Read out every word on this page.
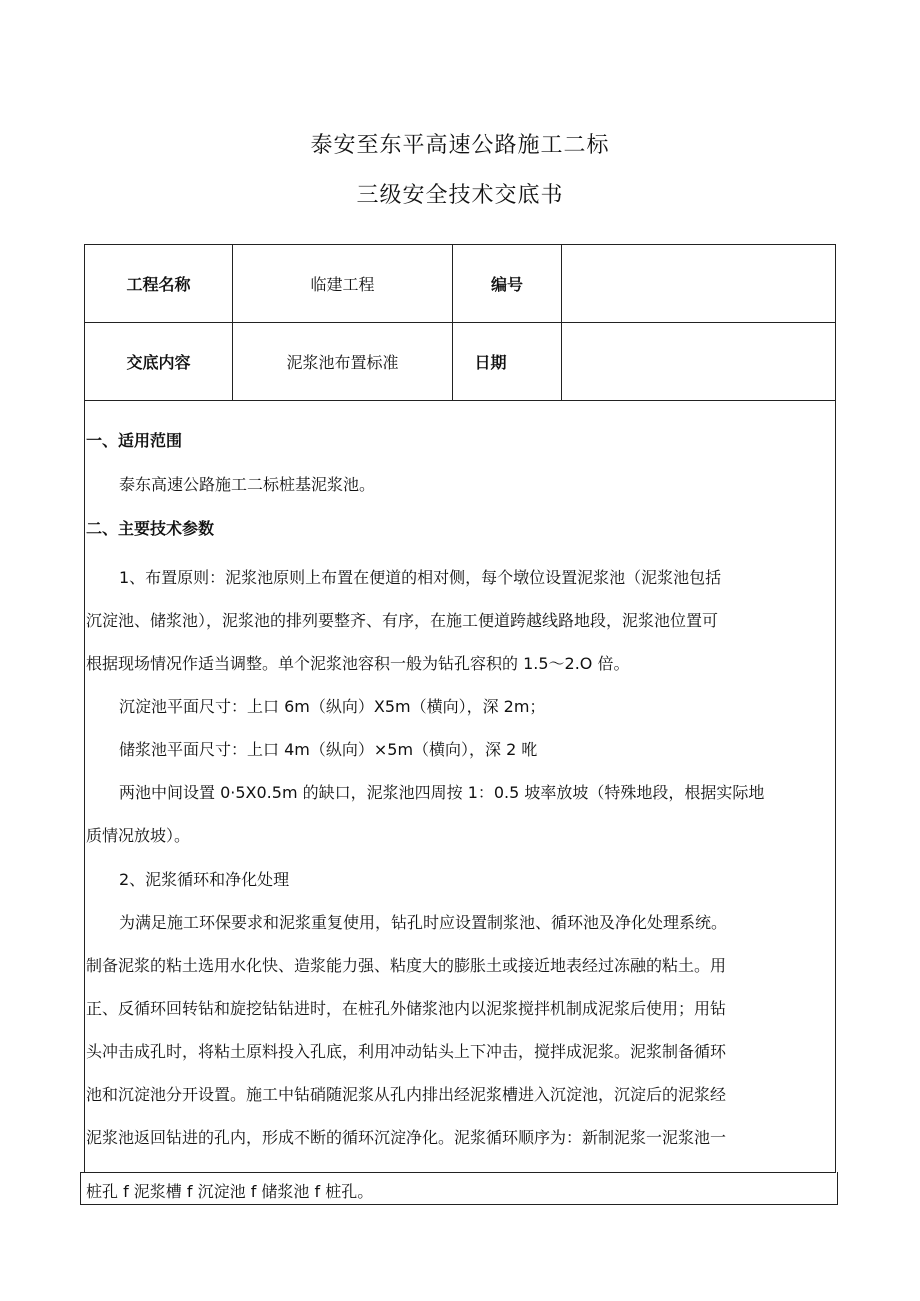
泰安至东平高速公路施工二标
三级安全技术交底书
工程名称	临建工程	编号
交底内容	泥浆池布置标准	日期
一、适用范围
泰东高速公路施工二标桩基泥浆池。
二、主要技术参数
1、布置原则：泥浆池原则上布置在便道的相对侧，每个墩位设置泥浆池（泥浆池包括
沉淀池、储浆池），泥浆池的排列要整齐、有序，在施工便道跨越线路地段，泥浆池位置可
根据现场情况作适当调整。单个泥浆池容积一般为钻孔容积的 1.5～2.O 倍。
沉淀池平面尺寸：上口 6m（纵向）X5m（横向），深 2m；
储浆池平面尺寸：上口 4m（纵向）×5m（横向），深 2 吪
两池中间设置 0·5X0.5m 的缺口，泥浆池四周按 1：0.5 坡率放坡（特殊地段，根据实际地
质情况放坡）。
2、泥浆循环和净化处理
为满足施工环保要求和泥浆重复使用，钻孔时应设置制浆池、循环池及净化处理系统。
制备泥浆的粘土选用水化快、造浆能力强、粘度大的膨胀土或接近地表经过冻融的粘土。用
正、反循环回转钻和旋挖钻钻进时，在桩孔外储浆池内以泥浆搅拌机制成泥浆后使用；用钻
头冲击成孔时，将粘土原料投入孔底，利用冲动钻头上下冲击，搅拌成泥浆。泥浆制备循环
池和沉淀池分开设置。施工中钻硝随泥浆从孔内排出经泥浆槽进入沉淀池，沉淀后的泥浆经
泥浆池返回钻进的孔内，形成不断的循环沉淀净化。泥浆循环顺序为：新制泥浆一泥浆池一
桩孔 f 泥浆槽 f 沉淀池 f 储浆池 f 桩孔。
